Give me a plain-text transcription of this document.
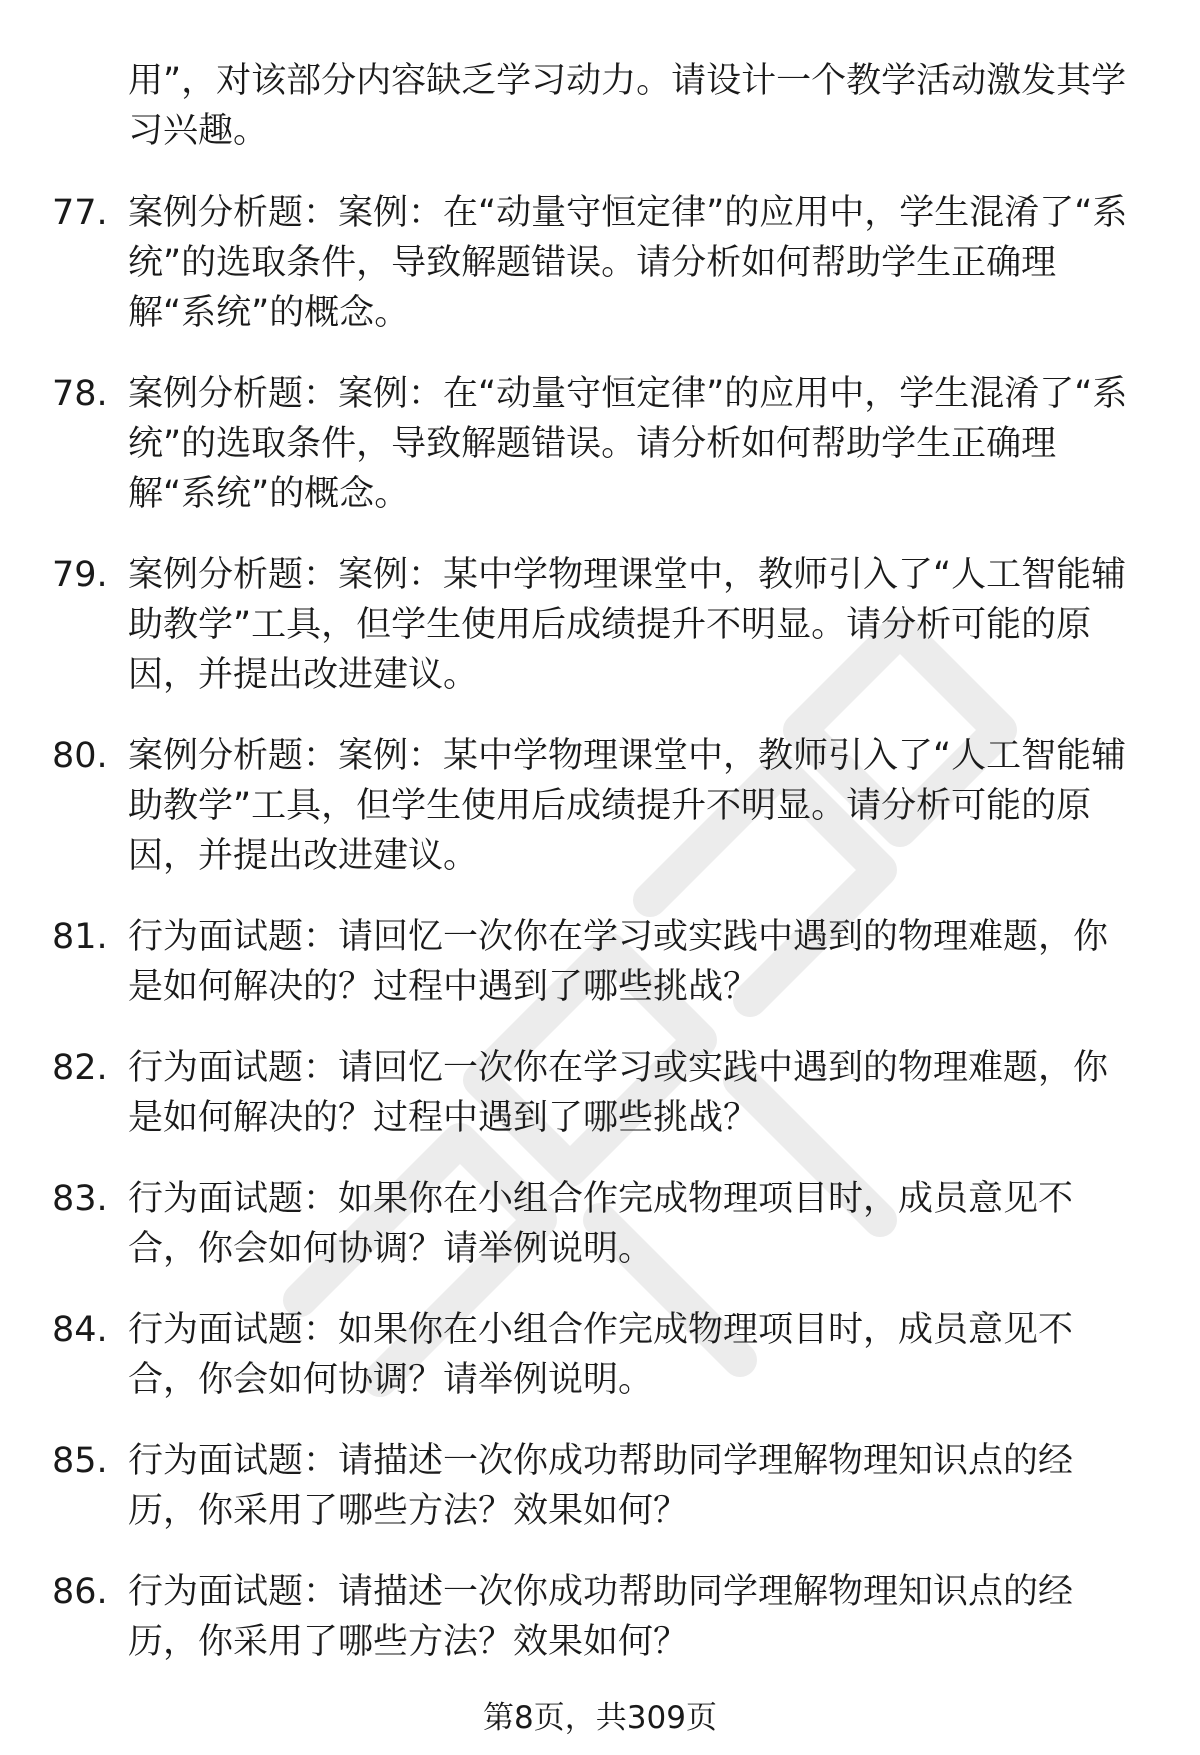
用”，对该部分内容缺乏学习动力。请设计一个教学活动激发其学习兴趣。

77. 案例分析题：案例：在“动量守恒定律”的应用中，学生混淆了“系统”的选取条件，导致解题错误。请分析如何帮助学生正确理解“系统”的概念。
78. 案例分析题：案例：在“动量守恒定律”的应用中，学生混淆了“系统”的选取条件，导致解题错误。请分析如何帮助学生正确理解“系统”的概念。
79. 案例分析题：案例：某中学物理课堂中，教师引入了“人工智能辅助教学”工具，但学生使用后成绩提升不明显。请分析可能的原因，并提出改进建议。
80. 案例分析题：案例：某中学物理课堂中，教师引入了“人工智能辅助教学”工具，但学生使用后成绩提升不明显。请分析可能的原因，并提出改进建议。
81. 行为面试题：请回忆一次你在学习或实践中遇到的物理难题，你是如何解决的？过程中遇到了哪些挑战？
82. 行为面试题：请回忆一次你在学习或实践中遇到的物理难题，你是如何解决的？过程中遇到了哪些挑战？
83. 行为面试题：如果你在小组合作完成物理项目时，成员意见不合，你会如何协调？请举例说明。
84. 行为面试题：如果你在小组合作完成物理项目时，成员意见不合，你会如何协调？请举例说明。
85. 行为面试题：请描述一次你成功帮助同学理解物理知识点的经历，你采用了哪些方法？效果如何？
86. 行为面试题：请描述一次你成功帮助同学理解物理知识点的经历，你采用了哪些方法？效果如何？
第8页，共309页
